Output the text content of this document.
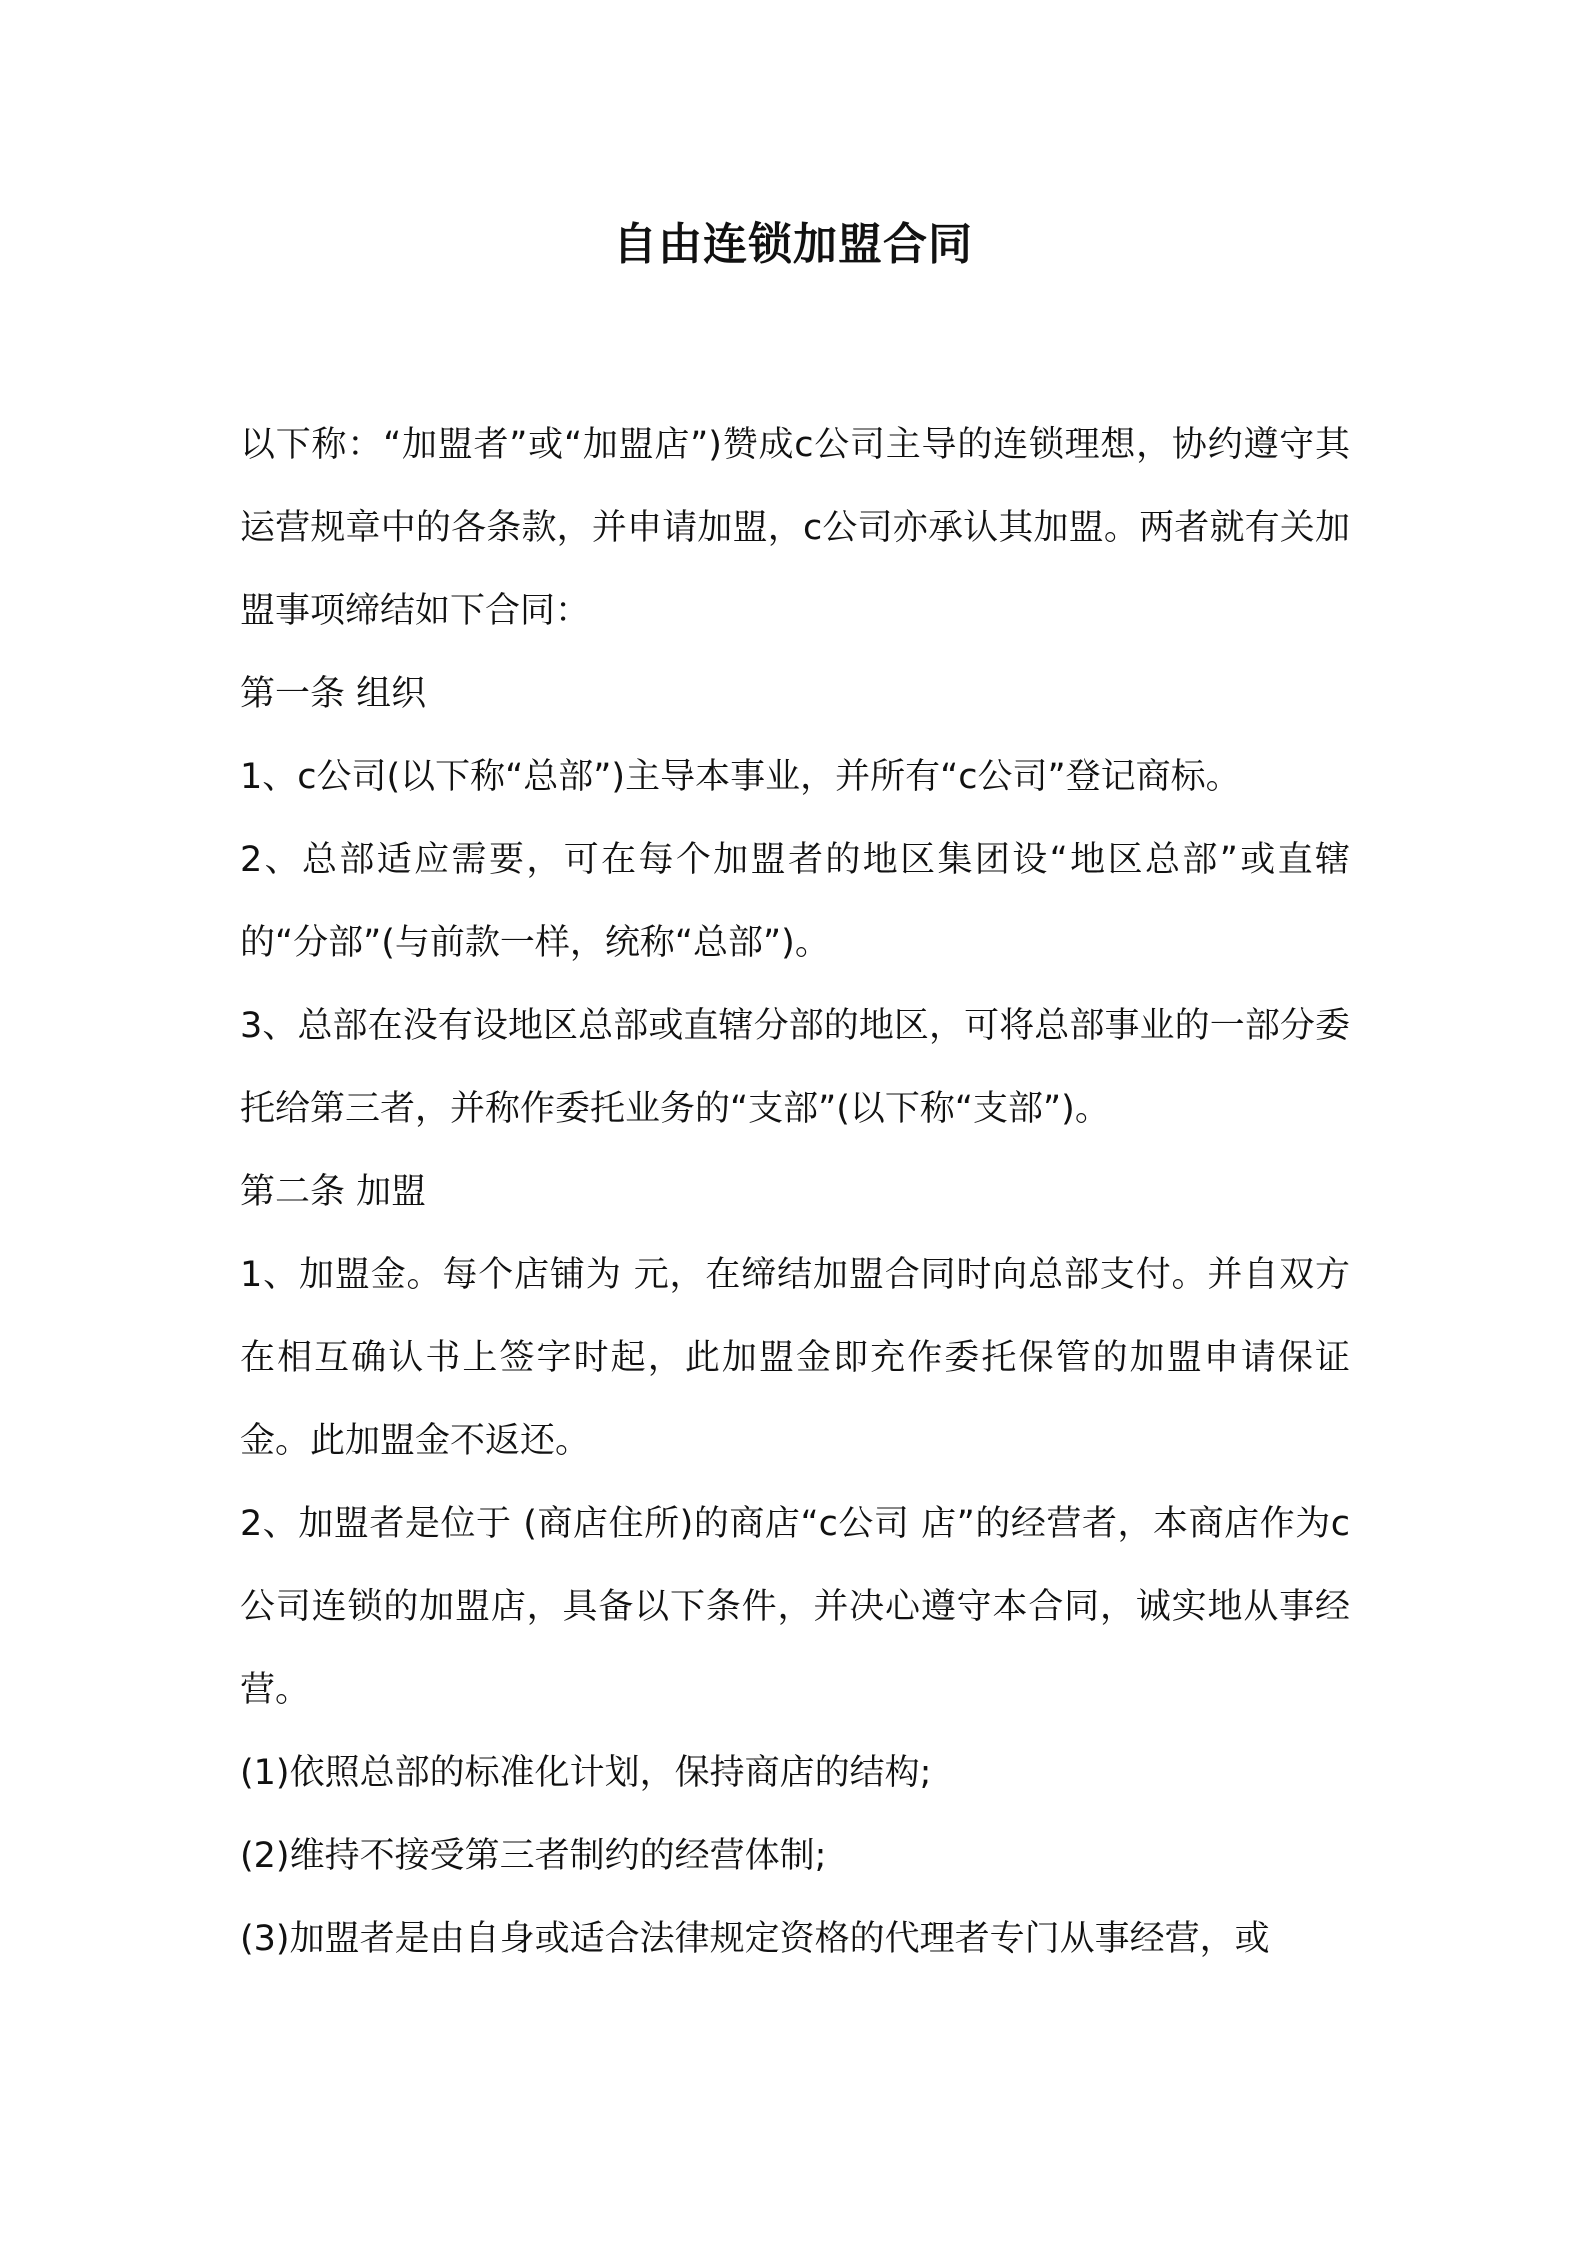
自由连锁加盟合同

以下称：“加盟者”或“加盟店”)赞成c公司主导的连锁理想，协约遵守其运营规章中的各条款，并申请加盟，c公司亦承认其加盟。两者就有关加盟事项缔结如下合同：

第一条 组织

1、c公司(以下称“总部”)主导本事业，并所有“c公司”登记商标。

2、总部适应需要，可在每个加盟者的地区集团设“地区总部”或直辖的“分部”(与前款一样，统称“总部”)。

3、总部在没有设地区总部或直辖分部的地区，可将总部事业的一部分委托给第三者，并称作委托业务的“支部”(以下称“支部”)。

第二条 加盟

1、加盟金。每个店铺为 元，在缔结加盟合同时向总部支付。并自双方在相互确认书上签字时起，此加盟金即充作委托保管的加盟申请保证金。此加盟金不返还。

2、加盟者是位于 (商店住所)的商店“c公司 店”的经营者，本商店作为c公司连锁的加盟店，具备以下条件，并决心遵守本合同，诚实地从事经营。

(1)依照总部的标准化计划，保持商店的结构;

(2)维持不接受第三者制约的经营体制;

(3)加盟者是由自身或适合法律规定资格的代理者专门从事经营，或
